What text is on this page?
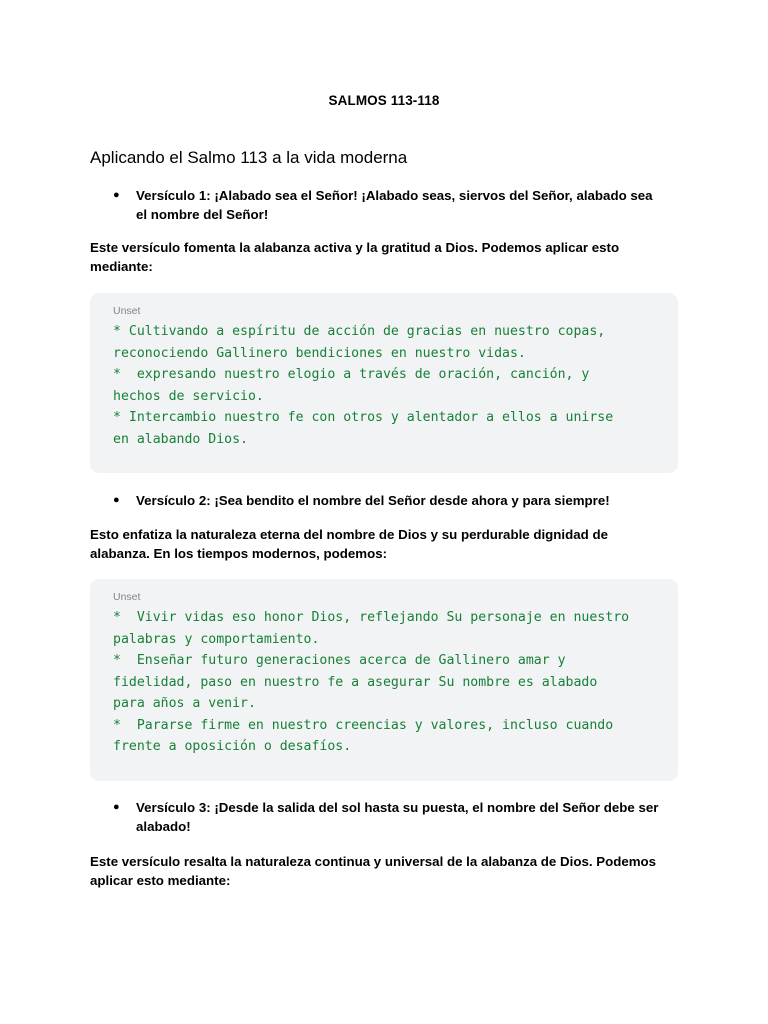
SALMOS 113-118
Aplicando el Salmo 113 a la vida moderna
● Versículo 1: ¡Alabado sea el Señor! ¡Alabado seas, siervos del Señor, alabado sea
el nombre del Señor!
Este versículo fomenta la alabanza activa y la gratitud a Dios. Podemos aplicar esto
mediante:
Unset
* Cultivando a espíritu de acción de gracias en nuestro copas,
reconociendo Gallinero bendiciones en nuestro vidas.
*  expresando nuestro elogio a través de oración, canción, y
hechos de servicio.
* Intercambio nuestro fe con otros y alentador a ellos a unirse
en alabando Dios.
● Versículo 2: ¡Sea bendito el nombre del Señor desde ahora y para siempre!
Esto enfatiza la naturaleza eterna del nombre de Dios y su perdurable dignidad de
alabanza. En los tiempos modernos, podemos:
Unset
*  Vivir vidas eso honor Dios, reflejando Su personaje en nuestro
palabras y comportamiento.
*  Enseñar futuro generaciones acerca de Gallinero amar y
fidelidad, paso en nuestro fe a asegurar Su nombre es alabado
para años a venir.
*  Pararse firme en nuestro creencias y valores, incluso cuando
frente a oposición o desafíos.
● Versículo 3: ¡Desde la salida del sol hasta su puesta, el nombre del Señor debe ser
alabado!
Este versículo resalta la naturaleza continua y universal de la alabanza de Dios. Podemos
aplicar esto mediante:
